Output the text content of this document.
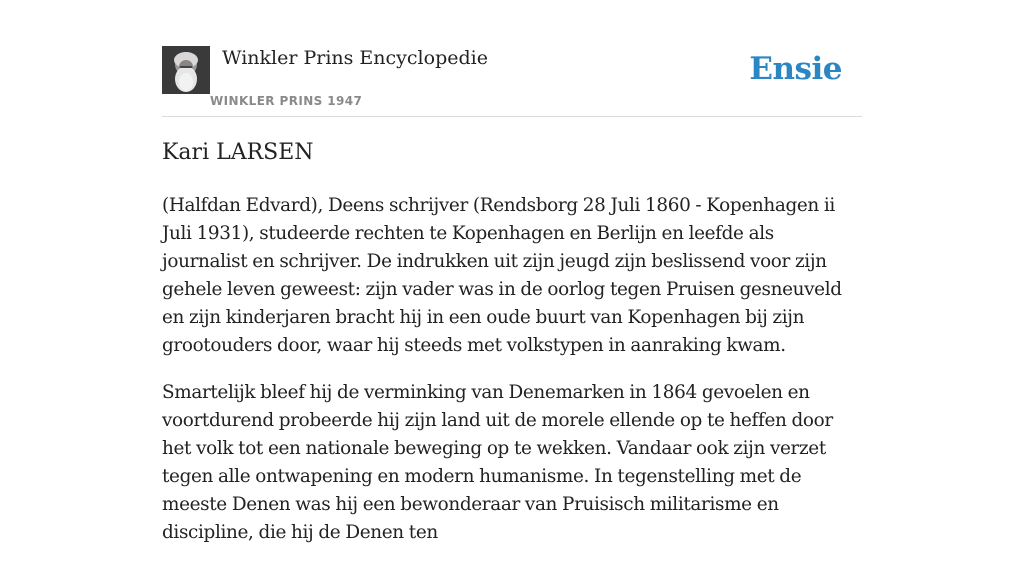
Winkler Prins Encyclopedie
WINKLER PRINS 1947
Ensie
Kari LARSEN

(Halfdan Edvard), Deens schrijver (Rendsborg 28 Juli 1860 - Kopenhagen ii Juli 1931), studeerde rechten te Kopenhagen en Berlijn en leefde als journalist en schrijver. De indrukken uit zijn jeugd zijn beslissend voor zijn gehele leven geweest: zijn vader was in de oorlog tegen Pruisen gesneuveld en zijn kinderjaren bracht hij in een oude buurt van Kopenhagen bij zijn grootouders door, waar hij steeds met volkstypen in aanraking kwam.

Smartelijk bleef hij de verminking van Denemarken in 1864 gevoelen en voortdurend probeerde hij zijn land uit de morele ellende op te heffen door het volk tot een nationale beweging op te wekken. Vandaar ook zijn verzet tegen alle ontwapening en modern humanisme. In tegenstelling met de meeste Denen was hij een bewonderaar van Pruisisch militarisme en discipline, die hij de Denen ten
